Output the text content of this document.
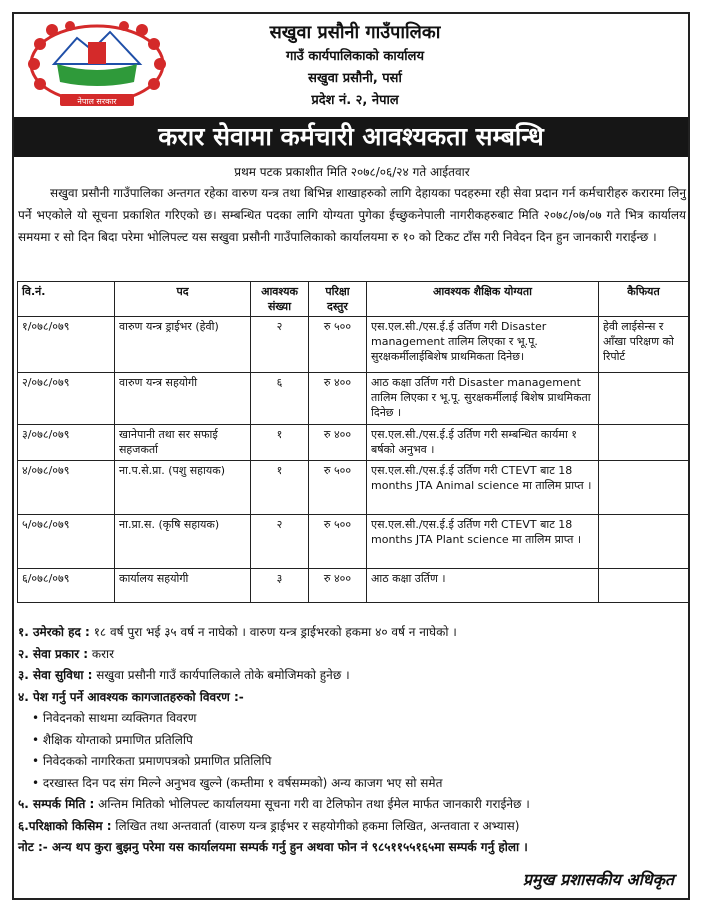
नेपाल सरकार
सखुवा प्रसौनी गाउँपालिका
गाउँ कार्यपालिकाको कार्यालय
सखुवा प्रसौनी, पर्सा
प्रदेश नं. २, नेपाल
करार सेवामा कर्मचारी आवश्यकता सम्बन्धि
प्रथम पटक प्रकाशीत मिति २०७८/०६/२४ गते आईतवार
सखुवा प्रसौनी गाउँपालिका अन्तगत रहेका वारुण यन्त्र तथा बिभिन्न शाखाहरुको लागि देहायका पदहरुमा रही सेवा प्रदान गर्न कर्मचारीहरु करारमा लिनु पर्ने भएकोले यो सूचना प्रकाशित गरिएको छ। सम्बन्धित पदका लागि योग्यता पुगेका ईच्छुकनेपाली नागरीकहरुबाट मिति २०७८/०७/०७ गते भित्र कार्यालय समयमा र सो दिन बिदा परेमा भोलिपल्ट यस सखुवा प्रसौनी गाउँपालिकाको कार्यालयमा रु १० को टिकट टाँस गरी निवेदन दिन हुन जानकारी गराईन्छ ।
वि.नं.	पद	आवश्यक संख्या	परिक्षा दस्तुर	आवश्यक शैक्षिक योग्यता	कैफियत
१/०७८/०७९	वारुण यन्त्र ड्राईभर (हेवी)	२	रु ५००	एस.एल.सी./एस.ई.ई उर्तिण गरी Disaster management तालिम लिएका र भू.पू. सुरक्षकर्मीलाईबिशेष प्राथमिकता दिनेछ।	हेवी लाईसेन्स र आँखा परिक्षण को रिपोर्ट
२/०७८/०७९	वारुण यन्त्र सहयोगी	६	रु ४००	आठ कक्षा उर्तिण गरी Disaster management तालिम लिएका र भू.पू. सुरक्षकर्मीलाई बिशेष प्राथमिकता दिनेछ ।	
३/०७८/०७९	खानेपानी तथा सर सफाई सहजकर्ता	१	रु ४००	एस.एल.सी./एस.ई.ई उर्तिण गरी सम्बन्धित कार्यमा १ बर्षको अनुभव ।	
४/०७८/०७९	ना.प.से.प्रा. (पशु सहायक)	१	रु ५००	एस.एल.सी./एस.ई.ई उर्तिण गरी CTEVT बाट 18 months JTA Animal science मा तालिम प्राप्त ।	
५/०७८/०७९	ना.प्रा.स. (कृषि सहायक)	२	रु ५००	एस.एल.सी./एस.ई.ई उर्तिण गरी CTEVT बाट 18 months JTA Plant science मा तालिम प्राप्त ।	
६/०७८/०७९	कार्यालय सहयोगी	३	रु ४००	आठ कक्षा उर्तिण ।	
१. उमेरको हद : १८ वर्ष पुरा भई ३५ वर्ष न नाघेको । वारुण यन्त्र ड्राईभरको हकमा ४० वर्ष न नाघेको ।
२. सेवा प्रकार : करार
३. सेवा सुविधा : सखुवा प्रसौनी गाउँ कार्यपालिकाले तोके बमोजिमको हुनेछ ।
४. पेश गर्नु पर्ने आवश्यक कागजातहरुको विवरण :-
• निवेदनको साथमा व्यक्तिगत विवरण
• शैक्षिक योग्ताको प्रमाणित प्रतिलिपि
• निवेदकको नागरिकता प्रमाणपत्रको प्रमाणित प्रतिलिपि
• दरखास्त दिन पद संग मिल्ने अनुभव खुल्ने (कम्तीमा १ वर्षसम्मको) अन्य काजग भए सो समेत
५. सम्पर्क मिति : अन्तिम मितिको भोलिपल्ट कार्यालयमा सूचना गरी वा टेलिफोन तथा ईमेल मार्फत जानकारी गराईनेछ ।
६.परिक्षाको किसिम : लिखित तथा अन्तवार्ता (वारुण यन्त्र ड्राईभर र सहयोगीको हकमा लिखित, अन्तवाता र अभ्यास)
नोट :- अन्य थप कुरा बुझनु परेमा यस कार्यालयमा सम्पर्क गर्नु हुन अथवा फोन नं ९८५११५५१६५मा सम्पर्क गर्नु होला ।
प्रमुख प्रशासकीय अधिकृत
